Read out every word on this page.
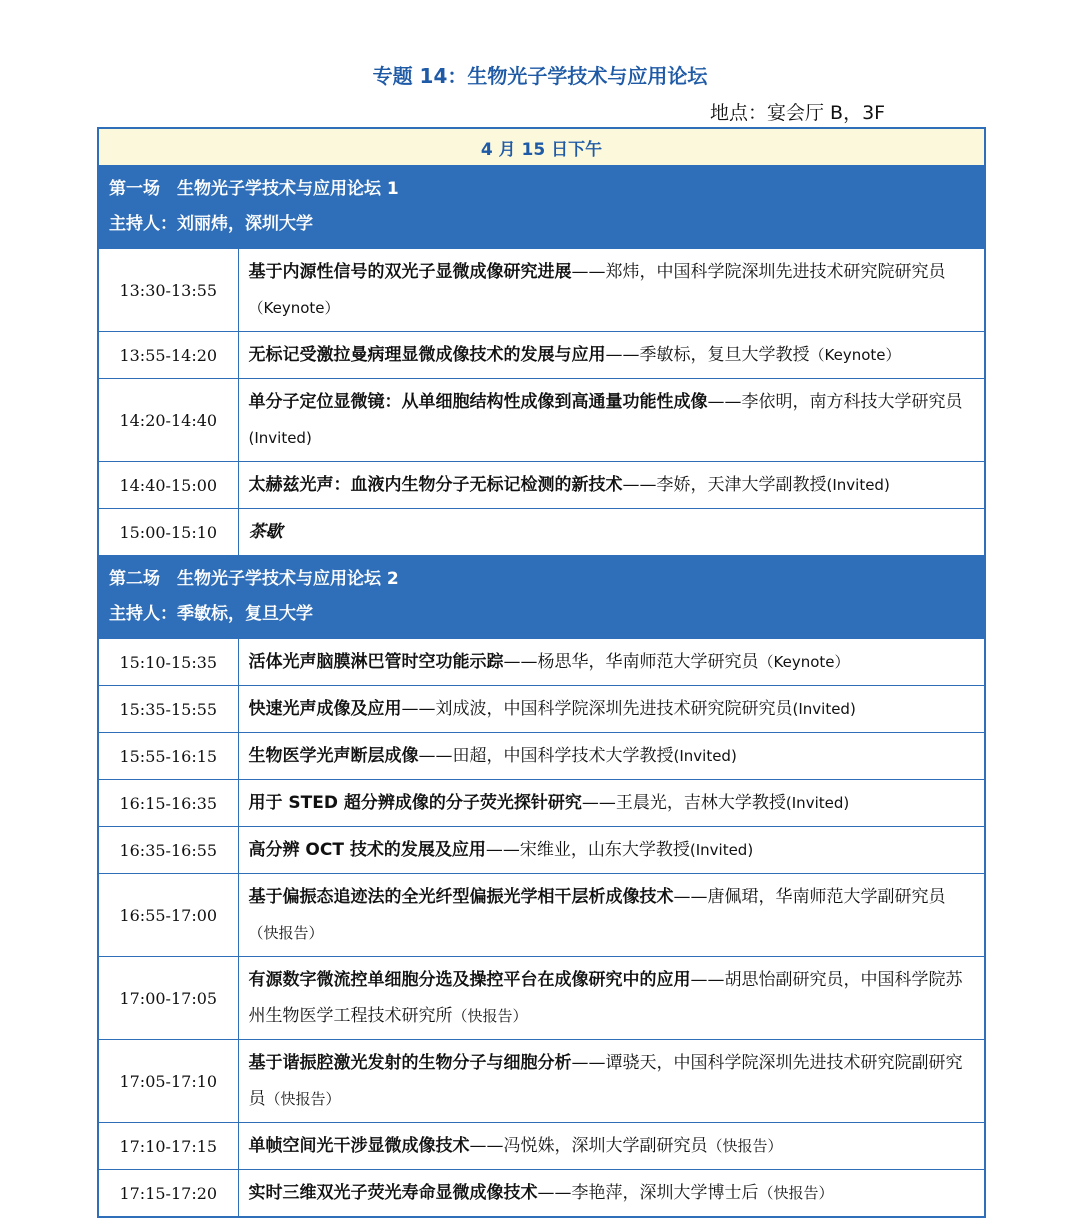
专题 14：生物光子学技术与应用论坛
地点：宴会厅 B，3F
4 月 15 日下午	

第一场　生物光子学技术与应用论坛 1
主持人：刘丽炜，深圳大学	

13:30-13:55	基于内源性信号的双光子显微成像研究进展——郑炜，中国科学院深圳先进技术研究院研究员（Keynote）
13:55-14:20	无标记受激拉曼病理显微成像技术的发展与应用——季敏标，复旦大学教授（Keynote）
14:20-14:40	单分子定位显微镜：从单细胞结构性成像到高通量功能性成像——李依明，南方科技大学研究员(Invited)
14:40-15:00	太赫兹光声：血液内生物分子无标记检测的新技术——李娇，天津大学副教授(Invited)
15:00-15:10	茶歇

第二场　生物光子学技术与应用论坛 2
主持人：季敏标，复旦大学	

15:10-15:35	活体光声脑膜淋巴管时空功能示踪——杨思华，华南师范大学研究员（Keynote）
15:35-15:55	快速光声成像及应用——刘成波，中国科学院深圳先进技术研究院研究员(Invited)
15:55-16:15	生物医学光声断层成像——田超，中国科学技术大学教授(Invited)
16:15-16:35	用于 STED 超分辨成像的分子荧光探针研究——王晨光，吉林大学教授(Invited)
16:35-16:55	高分辨 OCT 技术的发展及应用——宋维业，山东大学教授(Invited)
16:55-17:00	基于偏振态追迹法的全光纤型偏振光学相干层析成像技术——唐佩珺，华南师范大学副研究员（快报告）
17:00-17:05	有源数字微流控单细胞分选及操控平台在成像研究中的应用——胡思怡副研究员，中国科学院苏州生物医学工程技术研究所（快报告）
17:05-17:10	基于谐振腔激光发射的生物分子与细胞分析——谭骁天，中国科学院深圳先进技术研究院副研究员（快报告）
17:10-17:15	单帧空间光干涉显微成像技术——冯悦姝，深圳大学副研究员（快报告）
17:15-17:20	实时三维双光子荧光寿命显微成像技术——李艳萍，深圳大学博士后（快报告）
